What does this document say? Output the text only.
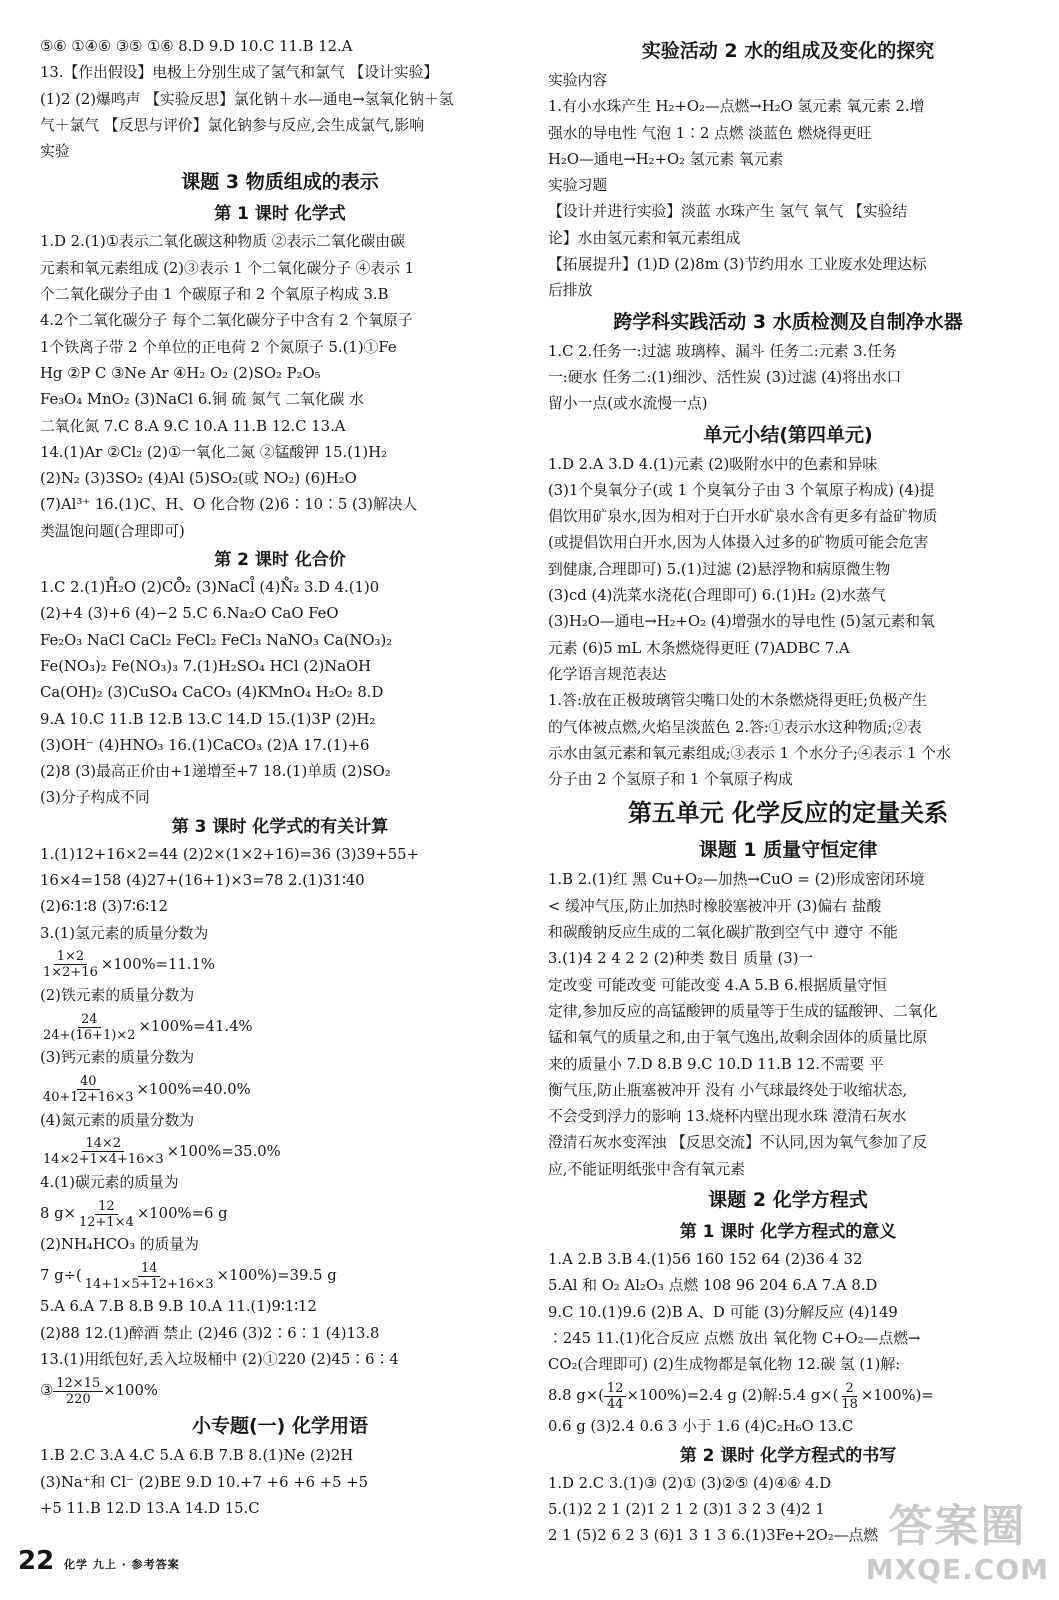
⑤⑥ ①④⑥ ③⑤ ①⑥ 8.D 9.D 10.C 11.B 12.A
13.【作出假设】电极上分别生成了氢气和氯气 【设计实验】
(1)2 (2)爆鸣声 【实验反思】氯化钠＋水—通电→氢氧化钠＋氢
气＋氯气 【反思与评价】氯化钠参与反应,会生成氯气,影响
实验
课题 3 物质组成的表示
第 1 课时 化学式
1.D 2.(1)①表示二氧化碳这种物质 ②表示二氧化碳由碳
元素和氧元素组成 (2)③表示 1 个二氧化碳分子 ④表示 1
个二氧化碳分子由 1 个碳原子和 2 个氧原子构成 3.B
4.2个二氧化碳分子 每个二氧化碳分子中含有 2 个氧原子
1个铁离子带 2 个单位的正电荷 2 个氮原子 5.(1)①Fe
Hg ②P C ③Ne Ar ④H₂ O₂ (2)SO₂ P₂O₅
Fe₃O₄ MnO₂ (3)NaCl 6.铜 硫 氮气 二氧化碳 水
二氧化氮 7.C 8.A 9.C 10.A 11.B 12.C 13.A
14.(1)Ar ②Cl₂ (2)①一氧化二氮 ②锰酸钾 15.(1)H₂
(2)N₂ (3)3SO₂ (4)Al (5)SO₂(或 NO₂) (6)H₂O
(7)Al³⁺ 16.(1)C、H、O 化合物 (2)6∶10∶5 (3)解决人
类温饱问题(合理即可)
第 2 课时 化合价
1.C 2.(1)H̊₂O (2)CO̊₂ (3)NaCl̊ (4)N̊₂ 3.D 4.(1)0
(2)+4 (3)+6 (4)−2 5.C 6.Na₂O CaO FeO
Fe₂O₃ NaCl CaCl₂ FeCl₂ FeCl₃ NaNO₃ Ca(NO₃)₂
Fe(NO₃)₂ Fe(NO₃)₃ 7.(1)H₂SO₄ HCl (2)NaOH
Ca(OH)₂ (3)CuSO₄ CaCO₃ (4)KMnO₄ H₂O₂ 8.D
9.A 10.C 11.B 12.B 13.C 14.D 15.(1)3P (2)H₂
(3)OH⁻ (4)HNO₃ 16.(1)CaCO₃ (2)A 17.(1)+6
(2)8 (3)最高正价由+1递增至+7 18.(1)单质 (2)SO₂
(3)分子构成不同
第 3 课时 化学式的有关计算
1.(1)12+16×2=44 (2)2×(1×2+16)=36 (3)39+55+
16×4=158 (4)27+(16+1)×3=78 2.(1)31∶40
(2)6∶1∶8 (3)7∶6∶12
3.(1)氢元素的质量分数为
$\frac{1\times 2}{1\times 2+16} \times 100\%=11.1\%$
(2)铁元素的质量分数为
$\frac{24}{24+(16+1)\times 2} \times 100\%=41.4\%$
(3)钙元素的质量分数为
$\frac{40}{40+12+16\times 3} \times 100\%=40.0\%$
(4)氮元素的质量分数为
$\frac{14\times 2}{14\times 2+1\times 4+16\times 3} \times 100\%=35.0\%$
4.(1)碳元素的质量为
8 $g\times \frac{12}{12+1\times 4} \times 100\%=6$ g
(2)NH₄HCO₃ 的质量为
7 $g\div( \frac{14}{14+1\times 5+12+16\times 3} \times 100\%)=39.5$ g
5.A 6.A 7.B 8.B 9.B 10.A 11.(1)9∶1∶12
(2)88 12.(1)醉酒 禁止 (2)46 (3)2∶6∶1 (4)13.8
13.(1)用纸包好,丢入垃圾桶中 (2)①220 (2)45∶6∶4
③ $\frac{12\times 15}{220} \times 100\%$
小专题(一) 化学用语
1.B 2.C 3.A 4.C 5.A 6.B 7.B 8.(1)Ne (2)2H
(3)Na⁺和 Cl⁻ (2)BE 9.D 10.+7 +6 +6 +5 +5
+5 11.B 12.D 13.A 14.D 15.C
实验活动 2 水的组成及变化的探究
实验内容
1.有小水珠产生 H₂+O₂—点燃→H₂O 氢元素 氧元素 2.增
强水的导电性 气泡 1∶2 点燃 淡蓝色 燃烧得更旺
H₂O—通电→H₂+O₂ 氢元素 氧元素
实验习题
【设计并进行实验】淡蓝 水珠产生 氢气 氧气 【实验结
论】水由氢元素和氧元素组成
【拓展提升】(1)D (2)8m (3)节约用水 工业废水处理达标
后排放
跨学科实践活动 3 水质检测及自制净水器
1.C 2.任务一:过滤 玻璃棒、漏斗 任务二:元素 3.任务
一:硬水 任务二:(1)细沙、活性炭 (3)过滤 (4)将出水口
留小一点(或水流慢一点)
单元小结(第四单元)
1.D 2.A 3.D 4.(1)元素 (2)吸附水中的色素和异味
(3)1个臭氧分子(或 1 个臭氧分子由 3 个氧原子构成) (4)提
倡饮用矿泉水,因为相对于白开水矿泉水含有更多有益矿物质
(或提倡饮用白开水,因为人体摄入过多的矿物质可能会危害
到健康,合理即可) 5.(1)过滤 (2)悬浮物和病原微生物
(3)cd (4)洗菜水浇花(合理即可) 6.(1)H₂ (2)水蒸气
(3)H₂O—通电→H₂+O₂ (4)增强水的导电性 (5)氢元素和氧
元素 (6)5 mL 木条燃烧得更旺 (7)ADBC 7.A
化学语言规范表达
1.答:放在正极玻璃管尖嘴口处的木条燃烧得更旺;负极产生
的气体被点燃,火焰呈淡蓝色 2.答:①表示水这种物质;②表
示水由氢元素和氧元素组成;③表示 1 个水分子;④表示 1 个水
分子由 2 个氢原子和 1 个氧原子构成
第五单元 化学反应的定量关系
课题 1 质量守恒定律
1.B 2.(1)红 黑 Cu+O₂—加热→CuO = (2)形成密闭环境
< 缓冲气压,防止加热时橡胶塞被冲开 (3)偏右 盐酸
和碳酸钠反应生成的二氧化碳扩散到空气中 遵守 不能
3.(1)4 2 4 2 2 (2)种类 数目 质量 (3)一
定改变 可能改变 可能改变 4.A 5.B 6.根据质量守恒
定律,参加反应的高锰酸钾的质量等于生成的锰酸钾、二氧化
锰和氧气的质量之和,由于氧气逸出,故剩余固体的质量比原
来的质量小 7.D 8.B 9.C 10.D 11.B 12.不需要 平
衡气压,防止瓶塞被冲开 没有 小气球最终处于收缩状态,
不会受到浮力的影响 13.烧杯内壁出现水珠 澄清石灰水
澄清石灰水变浑浊 【反思交流】不认同,因为氧气参加了反
应,不能证明纸张中含有氧元素
课题 2 化学方程式
第 1 课时 化学方程式的意义
1.A 2.B 3.B 4.(1)56 160 152 64 (2)36 4 32
5.Al 和 O₂ Al₂O₃ 点燃 108 96 204 6.A 7.A 8.D
9.C 10.(1)9.6 (2)B A、D 可能 (3)分解反应 (4)149
∶245 11.(1)化合反应 点燃 放出 氧化物 C+O₂—点燃→
CO₂(合理即可) (2)生成物都是氧化物 12.碳 氢 (1)解:
8.8 $g\times( \frac{12}{44} \times 100\%)=2.4$ g (2)解:5.4 $g\times( \frac{2}{18} \times 100\%)=$
0.6 g (3)2.4 0.6 3 小于 1.6 (4)C₂H₆O 13.C
第 2 课时 化学方程式的书写
1.D 2.C 3.(1)③ (2)① (3)②⑤ (4)④⑥ 4.D
5.(1)2 2 1 (2)1 2 1 2 (3)1 3 2 3 (4)2 1
2 1 (5)2 6 2 3 (6)1 3 1 3 6.(1)3Fe+2O₂—点燃
22 化学 九上 · 参考答案
答案圈
MXQE.COM
